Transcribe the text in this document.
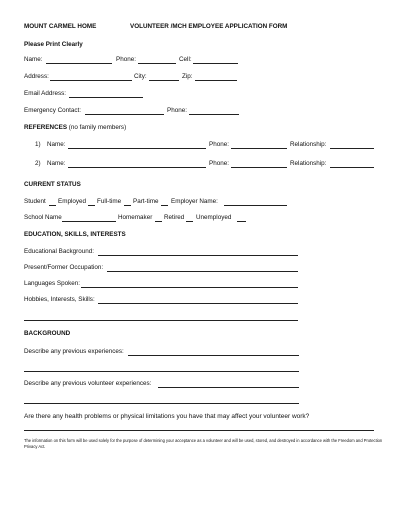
MOUNT CARMEL HOME	VOLUNTEER /MCH EMPLOYEE APPLICATION FORM
Please Print Clearly
Name:	Phone:	Cell:
Address:	City:	Zip:
Email Address:
Emergency Contact:	Phone:
REFERENCES (no family members)
1) Name:	Phone:	Relationship:
2) Name:	Phone:	Relationship:
CURRENT STATUS
Student Employed Full-time Part-time Employer Name:
School Name	Homemaker Retired Unemployed
EDUCATION, SKILLS, INTERESTS
Educational Background:
Present/Former Occupation:
Languages Spoken:
Hobbies, Interests, Skills:
BACKGROUND
Describe any previous experiences:
Describe any previous volunteer experiences:
Are there any health problems or physical limitations you have that may affect your volunteer work?
The information on this form will be used solely for the purpose of determining your acceptance as a volunteer and will be used, stored, and destroyed in accordance with the Freedom and Protection Privacy Act.
